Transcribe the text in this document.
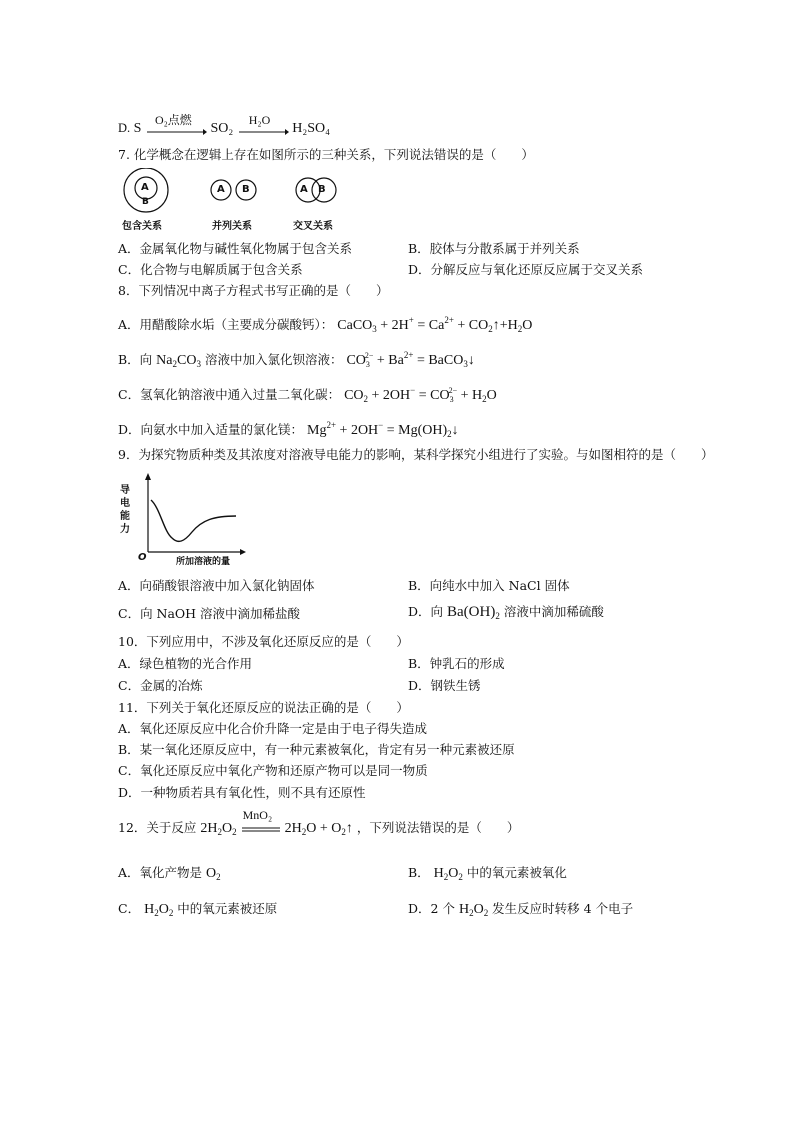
D. S
O₂点燃
SO₂
H₂O
H₂SO₄
7. 化学概念在逻辑上存在如图所示的三种关系，下列说法错误的是（　　）
A
B
A B	A B
包含关系	并列关系	交叉关系
A．金属氧化物与碱性氧化物属于包含关系	B．胶体与分散系属于并列关系
C．化合物与电解质属于包含关系	D．分解反应与氧化还原反应属于交叉关系
8．下列情况中离子方程式书写正确的是（　　）
A．用醋酸除水垢（主要成分碳酸钙）： CaCO$_3$ + $2H^+ = Ca^{2+}$ + $CO_2↑+H_2O$
B．向 $Na_2CO_3$ 溶液中加入氯化钡溶液： $CO_3^{2-} + Ba^{2+}$ = BaCO$_3$↓
C．氢氧化钠溶液中通入过量二氧化碳： $CO_2 + 2OH^- = CO_3^{2-} + H_2O$
D．向氨水中加入适量的氯化镁： $Mg^{2+} + 2OH^-$ = $Mg(OH)_2↓$
9．为探究物质种类及其浓度对溶液导电能力的影响，某科学探究小组进行了实验。与如图相符的是（　　）
导电能力
O	所加溶液的量
A．向硝酸银溶液中加入氯化钠固体	B．向纯水中加入 NaCl 固体
C．向 NaOH 溶液中滴加稀盐酸	D．向 $Ba(OH)_2$ 溶液中滴加稀硫酸
10．下列应用中，不涉及氧化还原反应的是（　　）
A．绿色植物的光合作用	B．钟乳石的形成
C．金属的冶炼	D．钢铁生锈
11．下列关于氧化还原反应的说法正确的是（　　）
A．氧化还原反应中化合价升降一定是由于电子得失造成
B．某一氧化还原反应中，有一种元素被氧化，肯定有另一种元素被还原
C．氧化还原反应中氧化产物和还原产物可以是同一物质
D．一种物质若具有氧化性，则不具有还原性
12．关于反应 $2H_2O_2$
MnO₂
$2H_2O$ + $O_2↑$ ，下列说法错误的是（　　）
A．氧化产物是 $O_2$	B． $H_2O_2$ 中的氧元素被氧化
C． $H_2O_2$ 中的氧元素被还原	D．2 个 $H_2O_2$ 发生反应时转移 4 个电子
